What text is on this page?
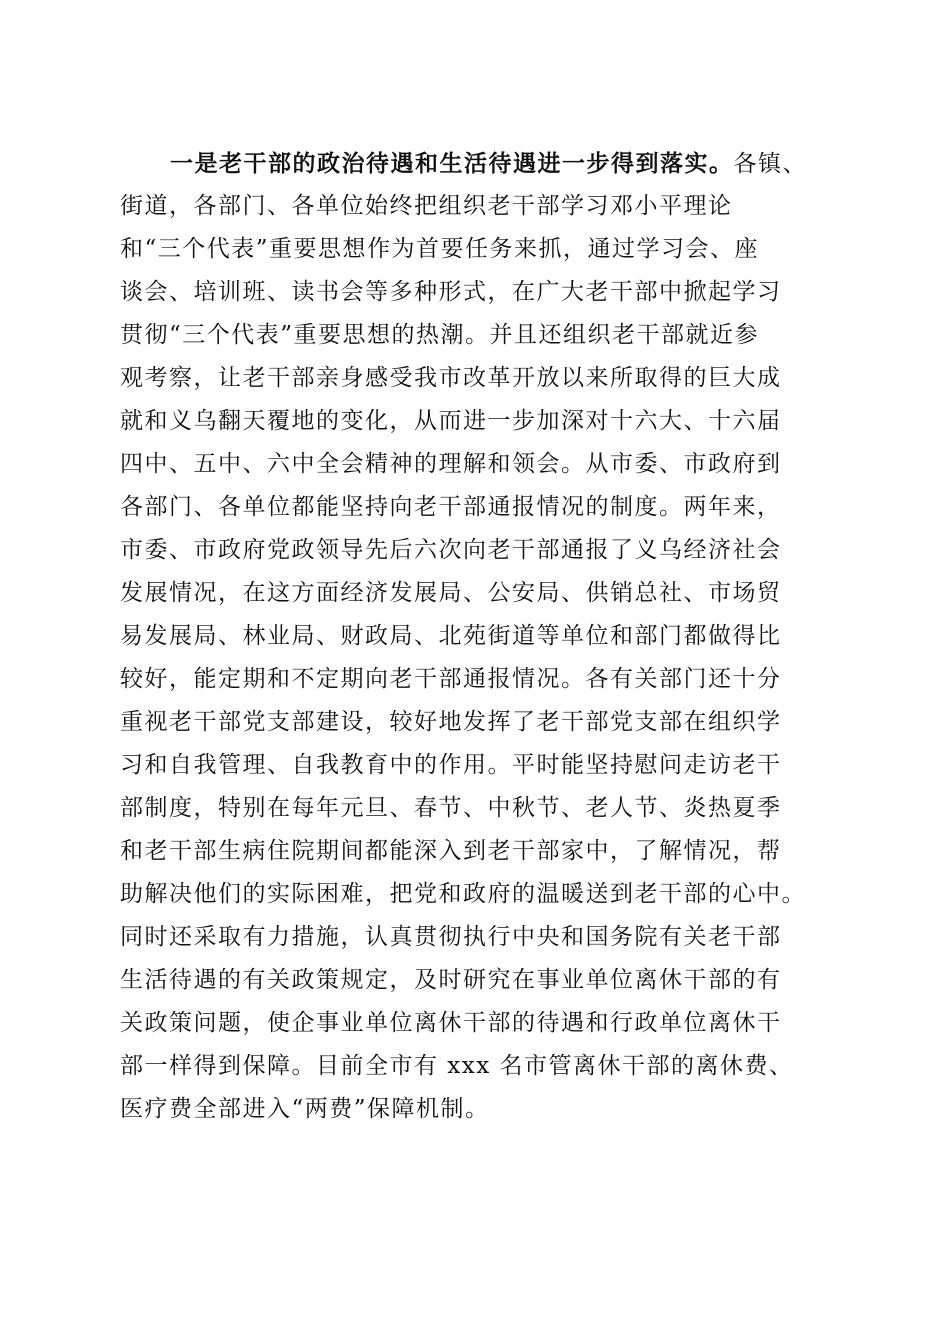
一是老干部的政治待遇和生活待遇进一步得到落实。各镇、
街道，各部门、各单位始终把组织老干部学习邓小平理论
和“三个代表”重要思想作为首要任务来抓，通过学习会、座
谈会、培训班、读书会等多种形式，在广大老干部中掀起学习
贯彻“三个代表”重要思想的热潮。并且还组织老干部就近参
观考察，让老干部亲身感受我市改革开放以来所取得的巨大成
就和义乌翻天覆地的变化，从而进一步加深对十六大、十六届
四中、五中、六中全会精神的理解和领会。从市委、市政府到
各部门、各单位都能坚持向老干部通报情况的制度。两年来，
市委、市政府党政领导先后六次向老干部通报了义乌经济社会
发展情况，在这方面经济发展局、公安局、供销总社、市场贸
易发展局、林业局、财政局、北苑街道等单位和部门都做得比
较好，能定期和不定期向老干部通报情况。各有关部门还十分
重视老干部党支部建设，较好地发挥了老干部党支部在组织学
习和自我管理、自我教育中的作用。平时能坚持慰问走访老干
部制度，特别在每年元旦、春节、中秋节、老人节、炎热夏季
和老干部生病住院期间都能深入到老干部家中，了解情况，帮
助解决他们的实际困难，把党和政府的温暖送到老干部的心中。
同时还采取有力措施，认真贯彻执行中央和国务院有关老干部
生活待遇的有关政策规定，及时研究在事业单位离休干部的有
关政策问题，使企事业单位离休干部的待遇和行政单位离休干
部一样得到保障。目前全市有 xxx 名市管离休干部的离休费、
医疗费全部进入“两费”保障机制。
